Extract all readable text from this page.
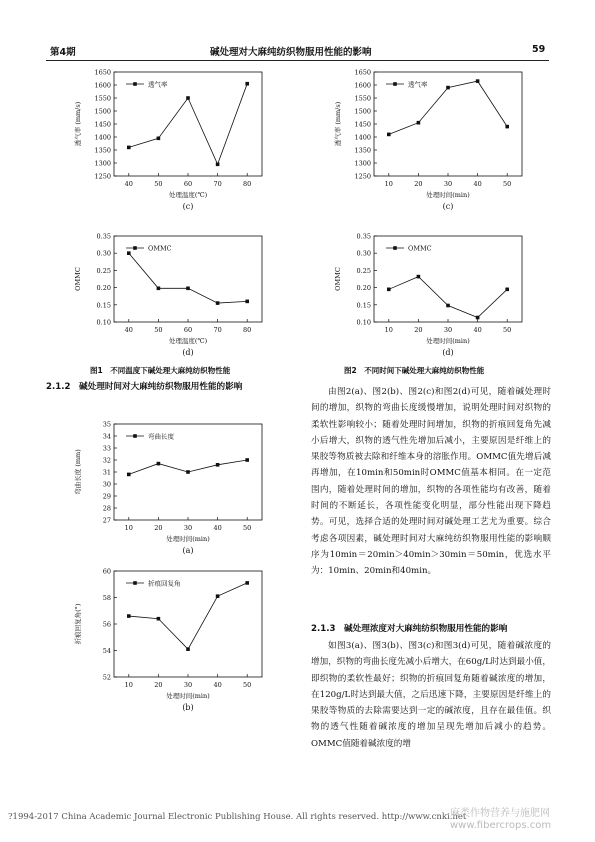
第4期	碱处理对大麻纯纺织物服用性能的影响	59
1250
1300
1350
1400
1450
1500
1550
1600
1650
40	50	60	70	80
透气率
处理温度(℃)
透气率 (mm/s)
(c)
0.10
0.15
0.20
0.25
0.30
0.35
40	50	60	70	80
OMMC
处理温度(℃)
OMMC
(d)
1250
1300
1350
1400
1450
1500
1550
1600
1650
10	20	30	40	50
透气率
处理时间(min)
透气率 (mm/s)
(c)
0.10
0.15
0.20
0.25
0.30
0.35
10	20	30	40	50
OMMC
处理时间(min)
OMMC
(d)
27
28
29
30
31
32
33
34
35
10	20	30	40	50
弯曲长度
处理时间(min)
弯曲长度 (mm)
(a)
52
54
56
58
60
10	20	30	40	50
折痕回复角
处理时间(min)
折痕回复角(°)
(b)
图1　不同温度下碱处理大麻纯纺织物性能	图2　不同时间下碱处理大麻纯纺织物性能
2.1.2　碱处理时间对大麻纯纺织物服用性能的影响	由图2(a)、图2(b)、图2(c)和图2(d)可见，随着碱处理时间的增加，织物的弯曲长度缓慢增加，说明处理时间对织物的柔软性影响较小；随着处理时间增加，织物的折痕回复角先减小后增大，织物的透气性先增加后减小，主要原因是纤维上的果胶等物质被去除和纤维本身的溶胀作用。OMMC值先增后减再增加，在10min和50min时OMMC值基本相同。在一定范围内，随着处理时间的增加，织物的各项性能均有改善，随着时间的不断延长，各项性能变化明显，部分性能出现下降趋势。可见，选择合适的处理时间对碱处理工艺尤为重要。综合考虑各项因素，碱处理时间对大麻纯纺织物服用性能的影响顺序为10min＝20min＞40min＞30min＝50min，优选水平为：10min、20min和40min。

2.1.3　碱处理浓度对大麻纯纺织物服用性能的影响

如图3(a)、图3(b)、图3(c)和图3(d)可见，随着碱浓度的增加，织物的弯曲长度先减小后增大，在60g/L时达到最小值，即织物的柔软性最好；织物的折痕回复角随着碱浓度的增加，在120g/L时达到最大值，之后迅速下降，主要原因是纤维上的果胶等物质的去除需要达到一定的碱浓度，且存在最佳值。织物的透气性随着碱浓度的增加呈现先增加后减小的趋势。OMMC值随着碱浓度的增

?1994-2017 China Academic Journal Electronic Publishing House. All rights reserved. http://www.cnki.net
麻类作物营养与施肥网 www.fibercrops.com
